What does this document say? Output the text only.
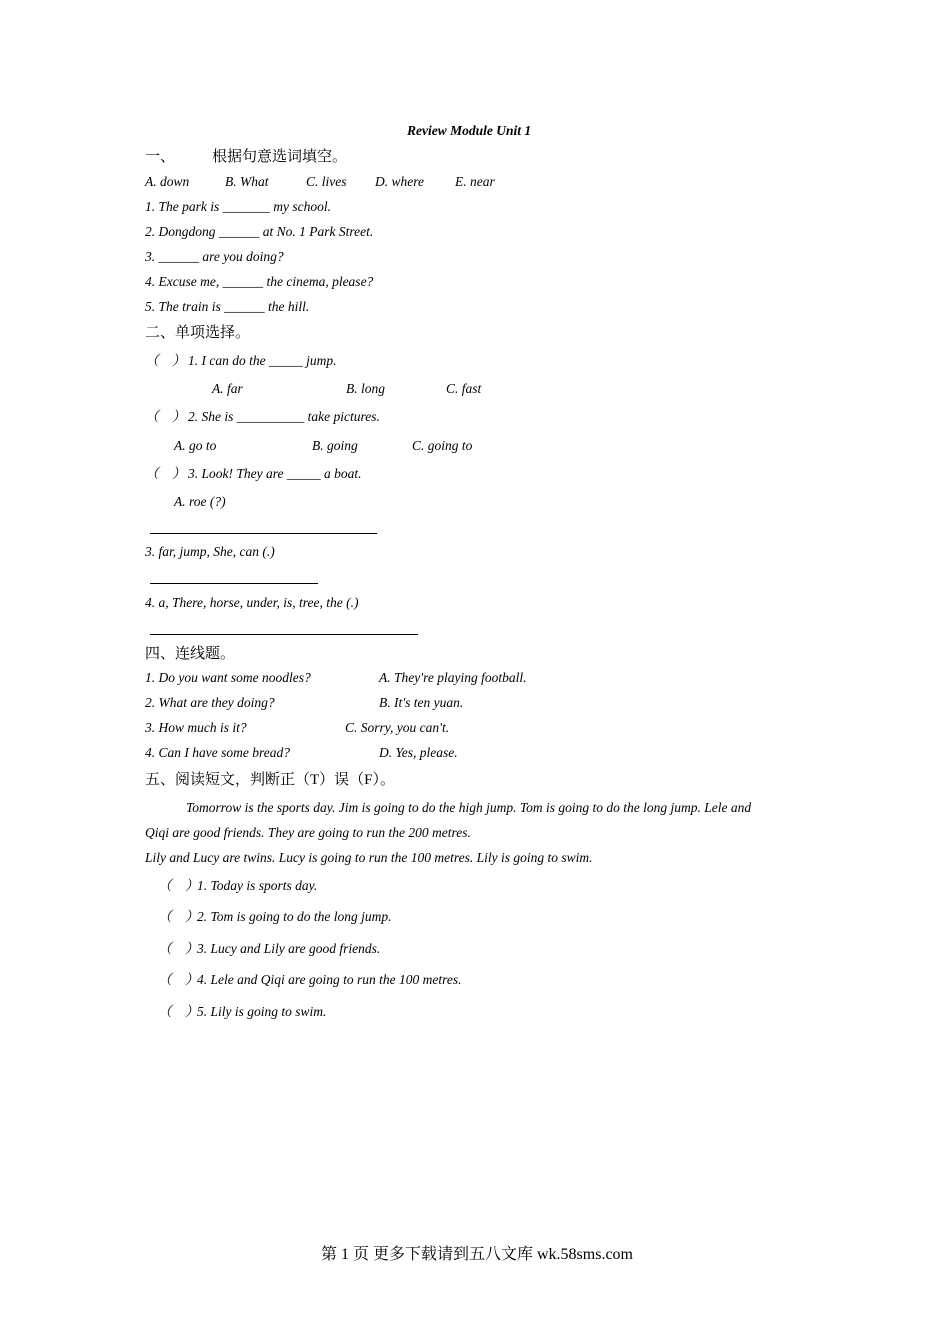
Review Module Unit 1
一、 根据句意选词填空。
A. down	B. What	C. lives D. where E. near
1. The park is _______ my school.
2. Dongdong ______ at No. 1 Park Street.
3. ______ are you doing?
4. Excuse me, ______ the cinema, please?
5. The train is ______ the hill.
二、单项选择。
（　） 1. I can do the _____ jump.
A. far	B. long	C. fast
（　） 2. She is __________ take pictures.
A. go to	B. going	C. going to
（　） 3. Look! They are _____ a boat.
A. roe (?)
3. far, jump, She, can (.)
4. a, There, horse, under, is, tree, the (.)
四、连线题。
1. Do you want some noodles?	A. They're playing football.
2. What are they doing?	B. It's ten yuan.
3. How much is it?	C. Sorry, you can't.
4. Can I have some bread?	D. Yes, please.
五、阅读短文，判断正（T）误（F）。
Tomorrow is the sports day. Jim is going to do the high jump. Tom is going to do the long jump. Lele and
Qiqi are good friends. They are going to run the 200 metres.
Lily and Lucy are twins. Lucy is going to run the 100 metres. Lily is going to swim.
（　）
1. Today is sports day.
（　）
2. Tom is going to do the long jump.
（　）
3. Lucy and Lily are good friends.
（　）
4. Lele and Qiqi are going to run the 100 metres.
（　）
5. Lily is going to swim.
第 1 页 更多下载请到五八文库 wk.58sms.com
